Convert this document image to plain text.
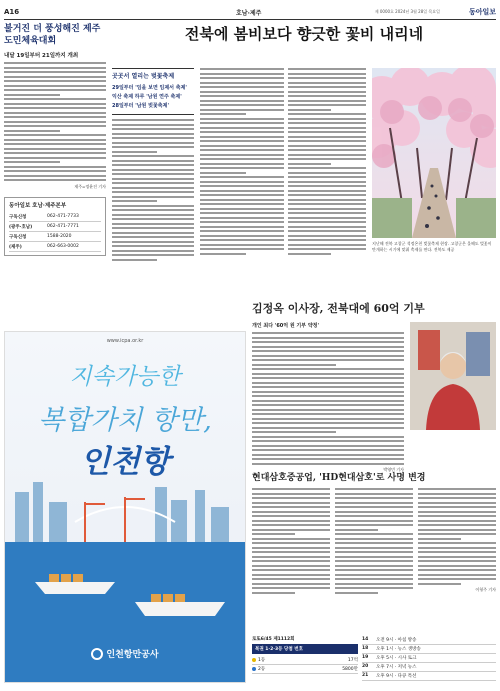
A16	호남·제주	제 0000호 2024년 3월 28일 목요일	동아일보
불거진 더 풍성해진 제주 도민체육대회
내달 19일부터 21일까지 개최
제주=정윤진 기자
동아일보 호남·제주본부
구독신청	062-471-7733
(광주·호남)	062-471-7771
구독신청	1588-2020
(제주)	062-663-0002
전북에 봄비보다 향긋한 꽃비 내리네
곳곳서 열리는 벚꽃축제
29일부터 '임을 보면 임제서 축제'
익산 축제 하루 '남원 연주 축제'
28일부터 '남원 벚꽃축제'
지난해 전북 고창군 석정온천 벚꽃축제 현장. 고창군은 올해도 벚꽃이 만개하는 시기에 맞춰 축제를 연다. 전북도 제공
www.icpa.or.kr
지속가능한
복합가치 항만,
인천항
인천항만공사
김정옥 이사장, 전북대에 60억 기부
개인 최다 '60억 원 기부 약정'
박영민 기자
현대삼호중공업, 'HD현대삼호'로 사명 변경
이형주 기자
로또6/45 제1112회
복권 1·2·3등 당첨 번호
1등	17억
2등	5800만
14	오전 9시 · 아침 방송
18	오후 1시 · 뉴스 생방송
19	오후 5시 · 시사 토크
20	오후 7시 · 저녁 뉴스
21	오후 9시 · 다큐 특선
